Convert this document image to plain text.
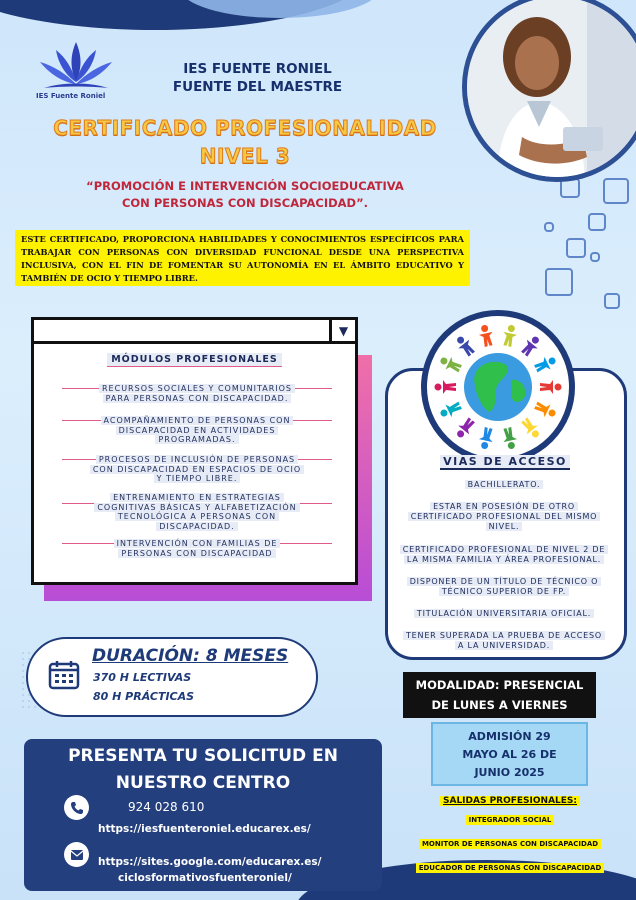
IES Fuente Roniel
IES FUENTE RONIEL
FUENTE DEL MAESTRE
CERTIFICADO PROFESIONALIDAD
NIVEL 3
“PROMOCIÓN E INTERVENCIÓN SOCIOEDUCATIVA
CON PERSONAS CON DISCAPACIDAD”.
ESTE CERTIFICADO, PROPORCIONA HABILIDADES Y CONOCIMIENTOS ESPECÍFICOS PARA TRABAJAR CON PERSONAS CON DIVERSIDAD FUNCIONAL DESDE UNA PERSPECTIVA INCLUSIVA, CON EL FIN DE FOMENTAR SU AUTONOMÍA EN EL ÁMBITO EDUCATIVO Y TAMBIÉN DE OCIO Y TIEMPO LIBRE.
▼
MÓDULOS PROFESIONALES
RECURSOS SOCIALES Y COMUNITARIOS
PARA PERSONAS CON DISCAPACIDAD.
ACOMPAÑAMIENTO DE PERSONAS CON
DISCAPACIDAD EN ACTIVIDADES
PROGRAMADAS.
PROCESOS DE INCLUSIÓN DE PERSONAS
CON DISCAPACIDAD EN ESPACIOS DE OCIO
Y TIEMPO LIBRE.
ENTRENAMIENTO EN ESTRATEGIAS
COGNITIVAS BÁSICAS Y ALFABETIZACIÓN
TECNOLÓGICA A PERSONAS CON
DISCAPACIDAD.
INTERVENCIÓN CON FAMILIAS DE
PERSONAS CON DISCAPACIDAD
VIAS DE ACCESO
BACHILLERATO.
ESTAR EN POSESIÓN DE OTRO
CERTIFICADO PROFESIONAL DEL MISMO
NIVEL.
CERTIFICADO PROFESIONAL DE NIVEL 2 DE
LA MISMA FAMILIA Y ÁREA PROFESIONAL.
DISPONER DE UN TÍTULO DE TÉCNICO O
TÉCNICO SUPERIOR DE FP.
TITULACIÓN UNIVERSITARIA OFICIAL.
TENER SUPERADA LA PRUEBA DE ACCESO
A LA UNIVERSIDAD.
DURACIÓN: 8 MESES
370 H LECTIVAS
80 H PRÁCTICAS
MODALIDAD: PRESENCIAL
DE LUNES A VIERNES
ADMISIÓN 29
MAYO AL 26 DE
JUNIO 2025
PRESENTA TU SOLICITUD EN
NUESTRO CENTRO
924 028 610
https://iesfuenteroniel.educarex.es/
https://sites.google.com/educarex.es/
ciclosformativosfuenteroniel/
SALIDAS PROFESIONALES:
INTEGRADOR SOCIAL
MONITOR DE PERSONAS CON DISCAPACIDAD
EDUCADOR DE PERSONAS CON DISCAPACIDAD
